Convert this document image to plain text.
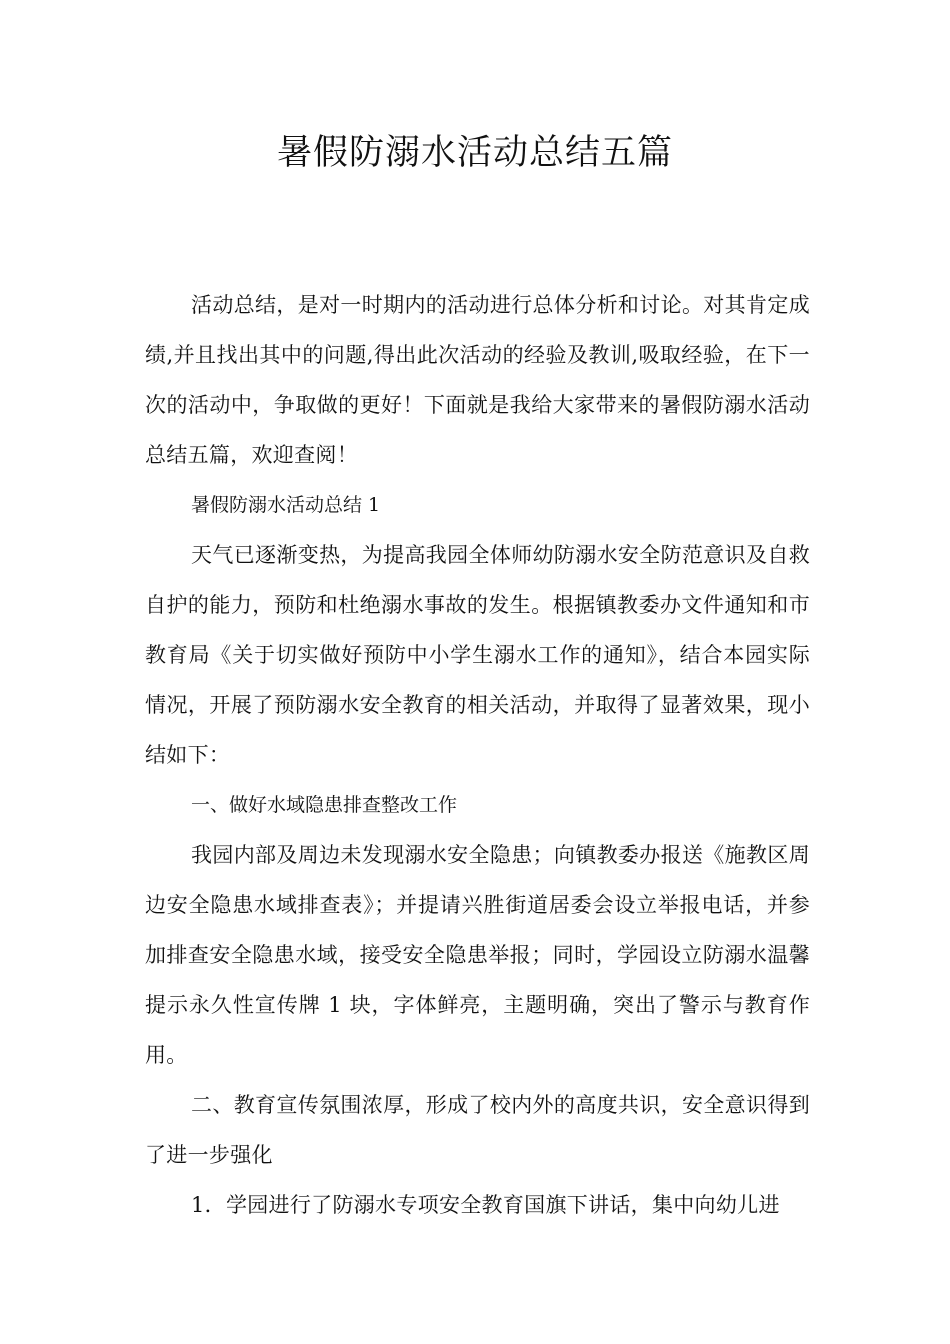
暑假防溺水活动总结五篇

活动总结，是对一时期内的活动进行总体分析和讨论。对其肯定成绩,并且找出其中的问题,得出此次活动的经验及教训,吸取经验，在下一次的活动中，争取做的更好！下面就是我给大家带来的暑假防溺水活动总结五篇，欢迎查阅！

暑假防溺水活动总结 1

天气已逐渐变热，为提高我园全体师幼防溺水安全防范意识及自救自护的能力，预防和杜绝溺水事故的发生。根据镇教委办文件通知和市教育局《关于切实做好预防中小学生溺水工作的通知》，结合本园实际情况，开展了预防溺水安全教育的相关活动，并取得了显著效果，现小结如下：

一、做好水域隐患排查整改工作

我园内部及周边未发现溺水安全隐患；向镇教委办报送《施教区周边安全隐患水域排查表》；并提请兴胜街道居委会设立举报电话，并参加排查安全隐患水域，接受安全隐患举报；同时，学园设立防溺水温馨提示永久性宣传牌 1 块，字体鲜亮，主题明确，突出了警示与教育作用。

二、教育宣传氛围浓厚，形成了校内外的高度共识，安全意识得到了进一步强化

1．学园进行了防溺水专项安全教育国旗下讲话，集中向幼儿进
